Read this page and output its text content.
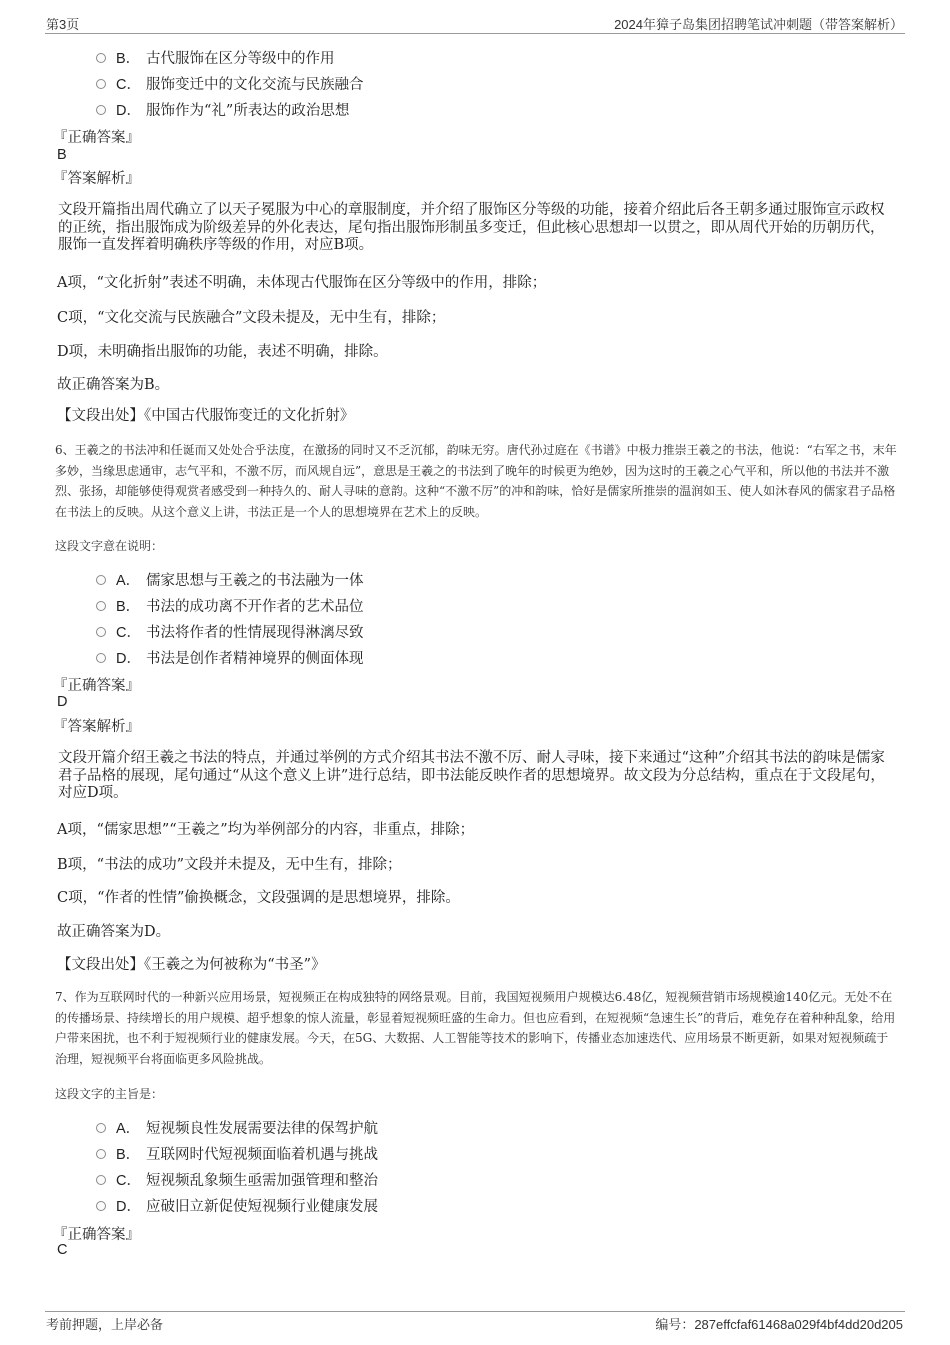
第3页	2024年獐子岛集团招聘笔试冲刺题（带答案解析）
B． 古代服饰在区分等级中的作用
C． 服饰变迁中的文化交流与民族融合
D． 服饰作为“礼”所表达的政治思想
『正确答案』
B
『答案解析』
文段开篇指出周代确立了以天子冕服为中心的章服制度，并介绍了服饰区分等级的功能，接着介绍此后各王朝多通过服饰宣示政权的正统，指出服饰成为阶级差异的外化表达，尾句指出服饰形制虽多变迁，但此核心思想却一以贯之，即从周代开始的历朝历代，服饰一直发挥着明确秩序等级的作用，对应B项。
A项，“文化折射”表述不明确，未体现古代服饰在区分等级中的作用，排除；
C项，“文化交流与民族融合”文段未提及，无中生有，排除；
D项，未明确指出服饰的功能，表述不明确，排除。
故正确答案为B。
【文段出处】《中国古代服饰变迁的文化折射》
6、王羲之的书法冲和任诞而又处处合乎法度，在激扬的同时又不乏沉郁，韵味无穷。唐代孙过庭在《书谱》中极力推崇王羲之的书法，他说：“右军之书，末年多妙，当缘思虑通审，志气平和，不激不厉，而风规自远”，意思是王羲之的书法到了晚年的时候更为绝妙，因为这时的王羲之心气平和，所以他的书法并不激烈、张扬，却能够使得观赏者感受到一种持久的、耐人寻味的意韵。这种“不激不厉”的冲和韵味，恰好是儒家所推崇的温润如玉、使人如沐春风的儒家君子品格在书法上的反映。从这个意义上讲，书法正是一个人的思想境界在艺术上的反映。
这段文字意在说明：
A． 儒家思想与王羲之的书法融为一体
B． 书法的成功离不开作者的艺术品位
C． 书法将作者的性情展现得淋漓尽致
D． 书法是创作者精神境界的侧面体现
『正确答案』
D
『答案解析』
文段开篇介绍王羲之书法的特点，并通过举例的方式介绍其书法不激不厉、耐人寻味，接下来通过“这种”介绍其书法的韵味是儒家君子品格的展现，尾句通过“从这个意义上讲”进行总结，即书法能反映作者的思想境界。故文段为分总结构，重点在于文段尾句，对应D项。
A项，“儒家思想”“王羲之”均为举例部分的内容，非重点，排除；
B项，“书法的成功”文段并未提及，无中生有，排除；
C项，“作者的性情”偷换概念，文段强调的是思想境界，排除。
故正确答案为D。
【文段出处】《王羲之为何被称为“书圣”》
7、作为互联网时代的一种新兴应用场景，短视频正在构成独特的网络景观。目前，我国短视频用户规模达6.48亿，短视频营销市场规模逾140亿元。无处不在的传播场景、持续增长的用户规模、超乎想象的惊人流量，彰显着短视频旺盛的生命力。但也应看到，在短视频“急速生长”的背后，难免存在着种种乱象，给用户带来困扰，也不利于短视频行业的健康发展。今天，在5G、大数据、人工智能等技术的影响下，传播业态加速迭代、应用场景不断更新，如果对短视频疏于治理，短视频平台将面临更多风险挑战。
这段文字的主旨是：
A． 短视频良性发展需要法律的保驾护航
B． 互联网时代短视频面临着机遇与挑战
C． 短视频乱象频生亟需加强管理和整治
D． 应破旧立新促使短视频行业健康发展
『正确答案』
C
考前押题，上岸必备	编号：287effcfaf61468a029f4bf4dd20d205
